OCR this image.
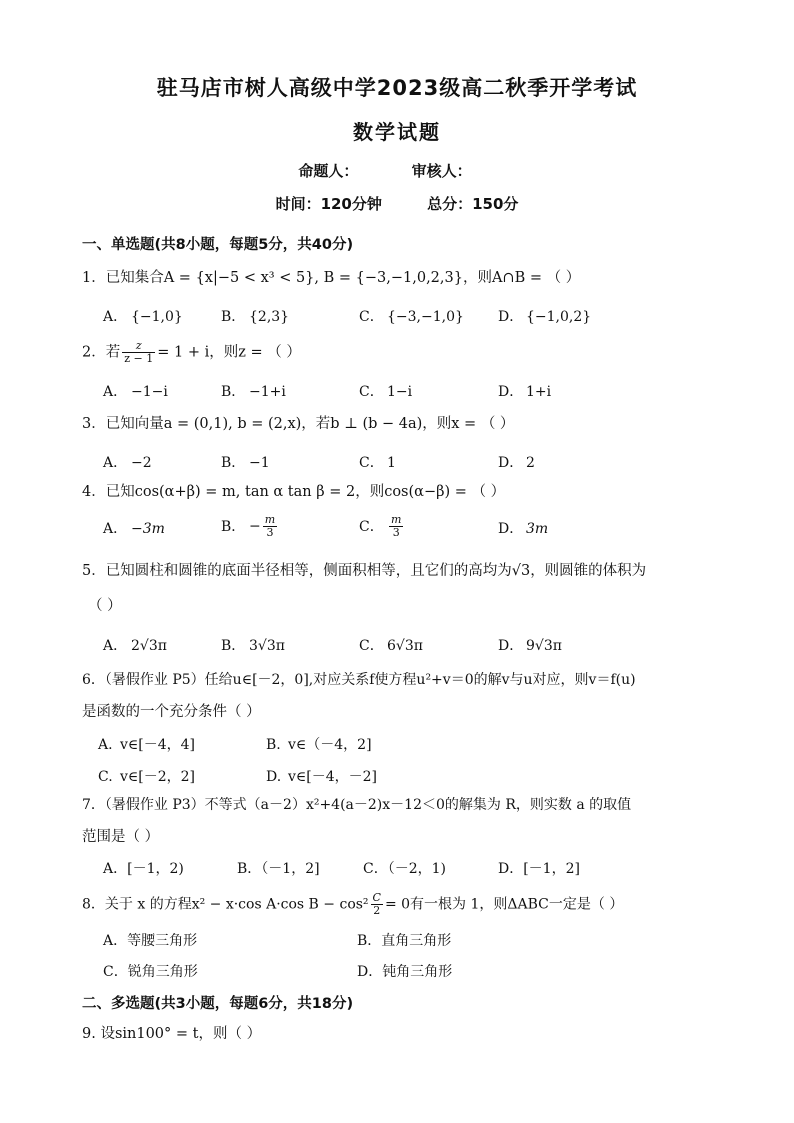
驻马店市树人高级中学2023级高二秋季开学考试
数学试题
命题人：	审核人：
时间：120分钟	总分：150分
一、单选题(共8小题，每题5分，共40分)
1．已知集合A = {x|−5 < x³ < 5}, B = {−3,−1,0,2,3}，则A∩B = （ ）
A． {−1,0}	B． {2,3}	C． {−3,−1,0} D． {−1,0,2}
2．若 $\frac{z}{z - 1} = 1 + i$，则z = （ ）
A． −1−i	B． −1+i	C． 1−i	D． 1+i
3．已知向量a = (0,1), b = (2,x)，若b ⊥ (b − 4a)，则x = （ ）
A． −2	B． −1	C． 1	D． 2
4．已知cos(α+β) = m, tan α tan β = 2，则cos(α−β) = （ ）
A． −3m	B． − $\frac{m}{3}$	C． $\frac{m}{3}$	D． 3m
5．已知圆柱和圆锥的底面半径相等，侧面积相等，且它们的高均为√3，则圆锥的体积为
（ ）
A． 2√3π	B． 3√3π	C． 6√3π	D． 9√3π
6．（暑假作业 P5）任给u∈[－2，0],对应关系f使方程u²+v＝0的解v与u对应，则v＝f(u)
是函数的一个充分条件（ ）
A. v∈[－4，4]	B. v∈（－4，2]
C. v∈[－2，2]	D. v∈[－4，－2]
7．（暑假作业 P3）不等式（a－2）x²+4(a－2)x－12＜0的解集为 R，则实数 a 的取值
范围是（ ）
A．[－1，2)	B．（－1，2]	C．（－2，1)	D．[－1，2]
8．关于 x 的方程x² − x·cos A·cos $B - \cos^2 \frac{C}{2} = 0$有一根为 1，则ΔABC一定是（ ）
A．等腰三角形	B．直角三角形
C．锐角三角形	D．钝角三角形
二、多选题(共3小题，每题6分，共18分)
9. 设sin100° = t，则（ ）
